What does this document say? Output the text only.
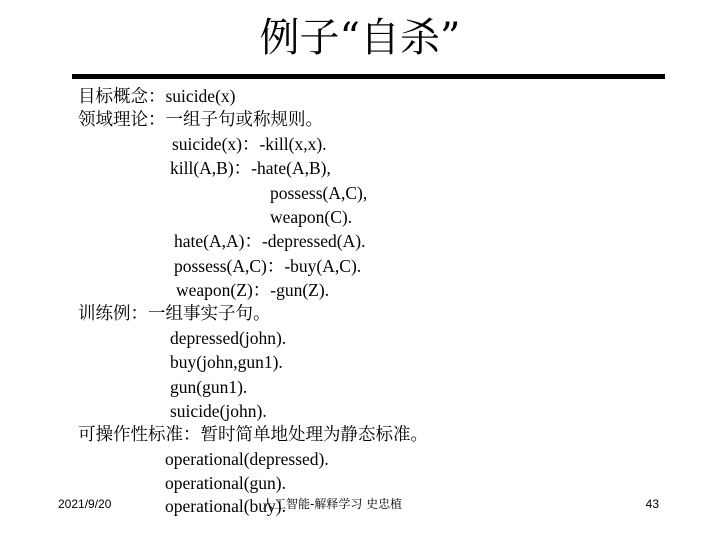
例子“自杀”
目标概念：suicide(x)
领域理论：一组子句或称规则。
suicide(x)：-kill(x,x).
kill(A,B)：-hate(A,B),
possess(A,C),
weapon(C).
hate(A,A)：-depressed(A).
possess(A,C)：-buy(A,C).
weapon(Z)：-gun(Z).
训练例：一组事实子句。
depressed(john).
buy(john,gun1).
gun(gun1).
suicide(john).
可操作性标准：暂时简单地处理为静态标准。
operational(depressed).
operational(gun).
operational(buy).
2021/9/20	人工智能-解释学习 史忠植	43
